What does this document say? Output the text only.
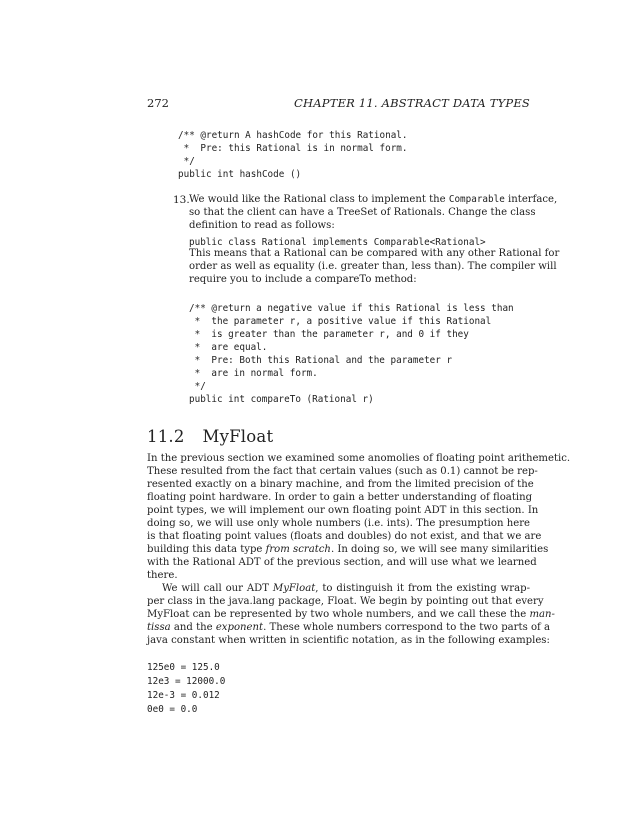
272	CHAPTER 11. ABSTRACT DATA TYPES
/** @return A hashCode for this Rational.
*  Pre: this Rational is in normal form.
*/
public int hashCode ()
13. We would like the Rational class to implement the Comparable interface,
so that the client can have a TreeSet of Rationals. Change the class
definition to read as follows:
public class Rational implements Comparable<Rational>
This means that a Rational can be compared with any other Rational for
order as well as equality (i.e. greater than, less than). The compiler will
require you to include a compareTo method:
/** @return a negative value if this Rational is less than
*  the parameter r, a positive value if this Rational
*  is greater than the parameter r, and 0 if they
*  are equal.
*  Pre: Both this Rational and the parameter r
*  are in normal form.
*/
public int compareTo (Rational r)
11.2 MyFloat
In the previous section we examined some anomolies of floating point arithemetic.
These resulted from the fact that certain values (such as 0.1) cannot be rep-
resented exactly on a binary machine, and from the limited precision of the
floating point hardware. In order to gain a better understanding of floating
point types, we will implement our own floating point ADT in this section. In
doing so, we will use only whole numbers (i.e. ints). The presumption here
is that floating point values (floats and doubles) do not exist, and that we are
building this data type from scratch. In doing so, we will see many similarities
with the Rational ADT of the previous section, and will use what we learned
there.
We will call our ADT MyFloat, to distinguish it from the existing wrap-
per class in the java.lang package, Float. We begin by pointing out that every
MyFloat can be represented by two whole numbers, and we call these the man-
tissa and the exponent. These whole numbers correspond to the two parts of a
java constant when written in scientific notation, as in the following examples:
125e0 = 125.0
12e3 = 12000.0
12e-3 = 0.012
0e0 = 0.0
